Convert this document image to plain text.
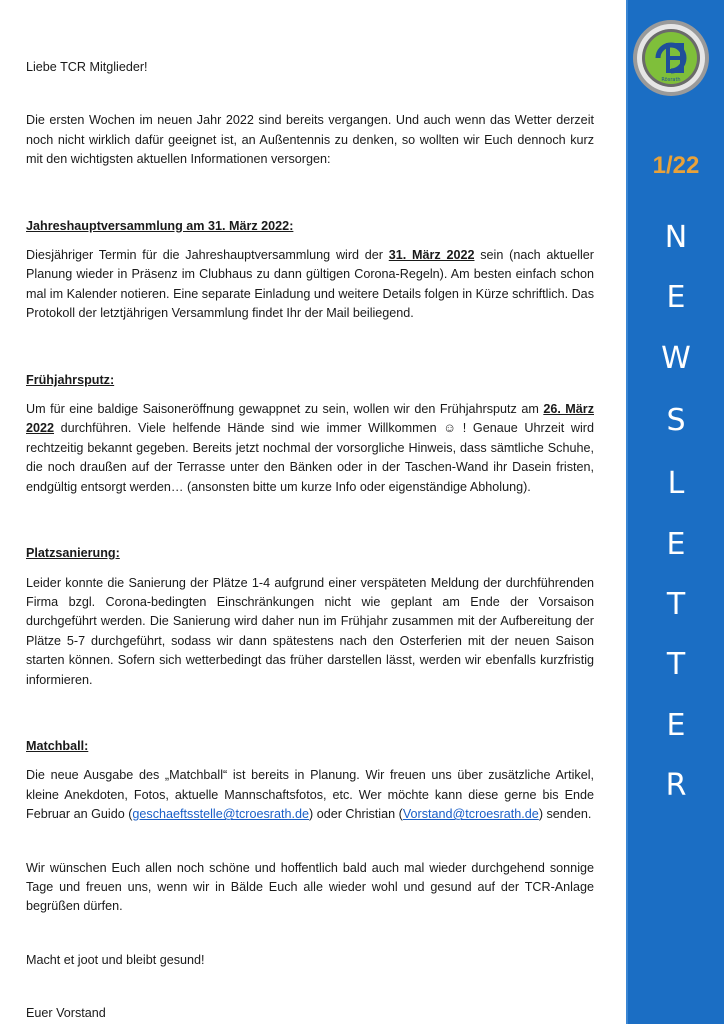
Liebe TCR Mitglieder!

Die ersten Wochen im neuen Jahr 2022 sind bereits vergangen. Und auch wenn das Wetter derzeit noch nicht wirklich dafür geeignet ist, an Außentennis zu denken, so wollten wir Euch dennoch kurz mit den wichtigsten aktuellen Informationen versorgen:

Jahreshauptversammlung am 31. März 2022:

Diesjähriger Termin für die Jahreshauptversammlung wird der 31. März 2022 sein (nach aktueller Planung wieder in Präsenz im Clubhaus zu dann gültigen Corona-Regeln). Am besten einfach schon mal im Kalender notieren. Eine separate Einladung und weitere Details folgen in Kürze schriftlich. Das Protokoll der letztjährigen Versammlung findet Ihr der Mail beiliegend.

Frühjahrsputz:

Um für eine baldige Saisoneröffnung gewappnet zu sein, wollen wir den Frühjahrsputz am 26. März 2022 durchführen. Viele helfende Hände sind wie immer Willkommen ☺ ! Genaue Uhrzeit wird rechtzeitig bekannt gegeben. Bereits jetzt nochmal der vorsorgliche Hinweis, dass sämtliche Schuhe, die noch draußen auf der Terrasse unter den Bänken oder in der Taschen-Wand ihr Dasein fristen, endgültig entsorgt werden… (ansonsten bitte um kurze Info oder eigenständige Abholung).

Platzsanierung:

Leider konnte die Sanierung der Plätze 1-4 aufgrund einer verspäteten Meldung der durchführenden Firma bzgl. Corona-bedingten Einschränkungen nicht wie geplant am Ende der Vorsaison durchgeführt werden. Die Sanierung wird daher nun im Frühjahr zusammen mit der Aufbereitung der Plätze 5-7 durchgeführt, sodass wir dann spätestens nach den Osterferien mit der neuen Saison starten können. Sofern sich wetterbedingt das früher darstellen lässt, werden wir ebenfalls kurzfristig informieren.

Matchball:

Die neue Ausgabe des „Matchball“ ist bereits in Planung. Wir freuen uns über zusätzliche Artikel, kleine Anekdoten, Fotos, aktuelle Mannschaftsfotos, etc. Wer möchte kann diese gerne bis Ende Februar an Guido (geschaeftsstelle@tcroesrath.de) oder Christian (Vorstand@tcroesrath.de) senden.

Wir wünschen Euch allen noch schöne und hoffentlich bald auch mal wieder durchgehend sonnige Tage und freuen uns, wenn wir in Bälde Euch alle wieder wohl und gesund auf der TCR-Anlage begrüßen dürfen.

Macht et joot und bleibt gesund!

Euer Vorstand

Rösrath
1/22
N
E
W
S
L
E
T
T
E
R
